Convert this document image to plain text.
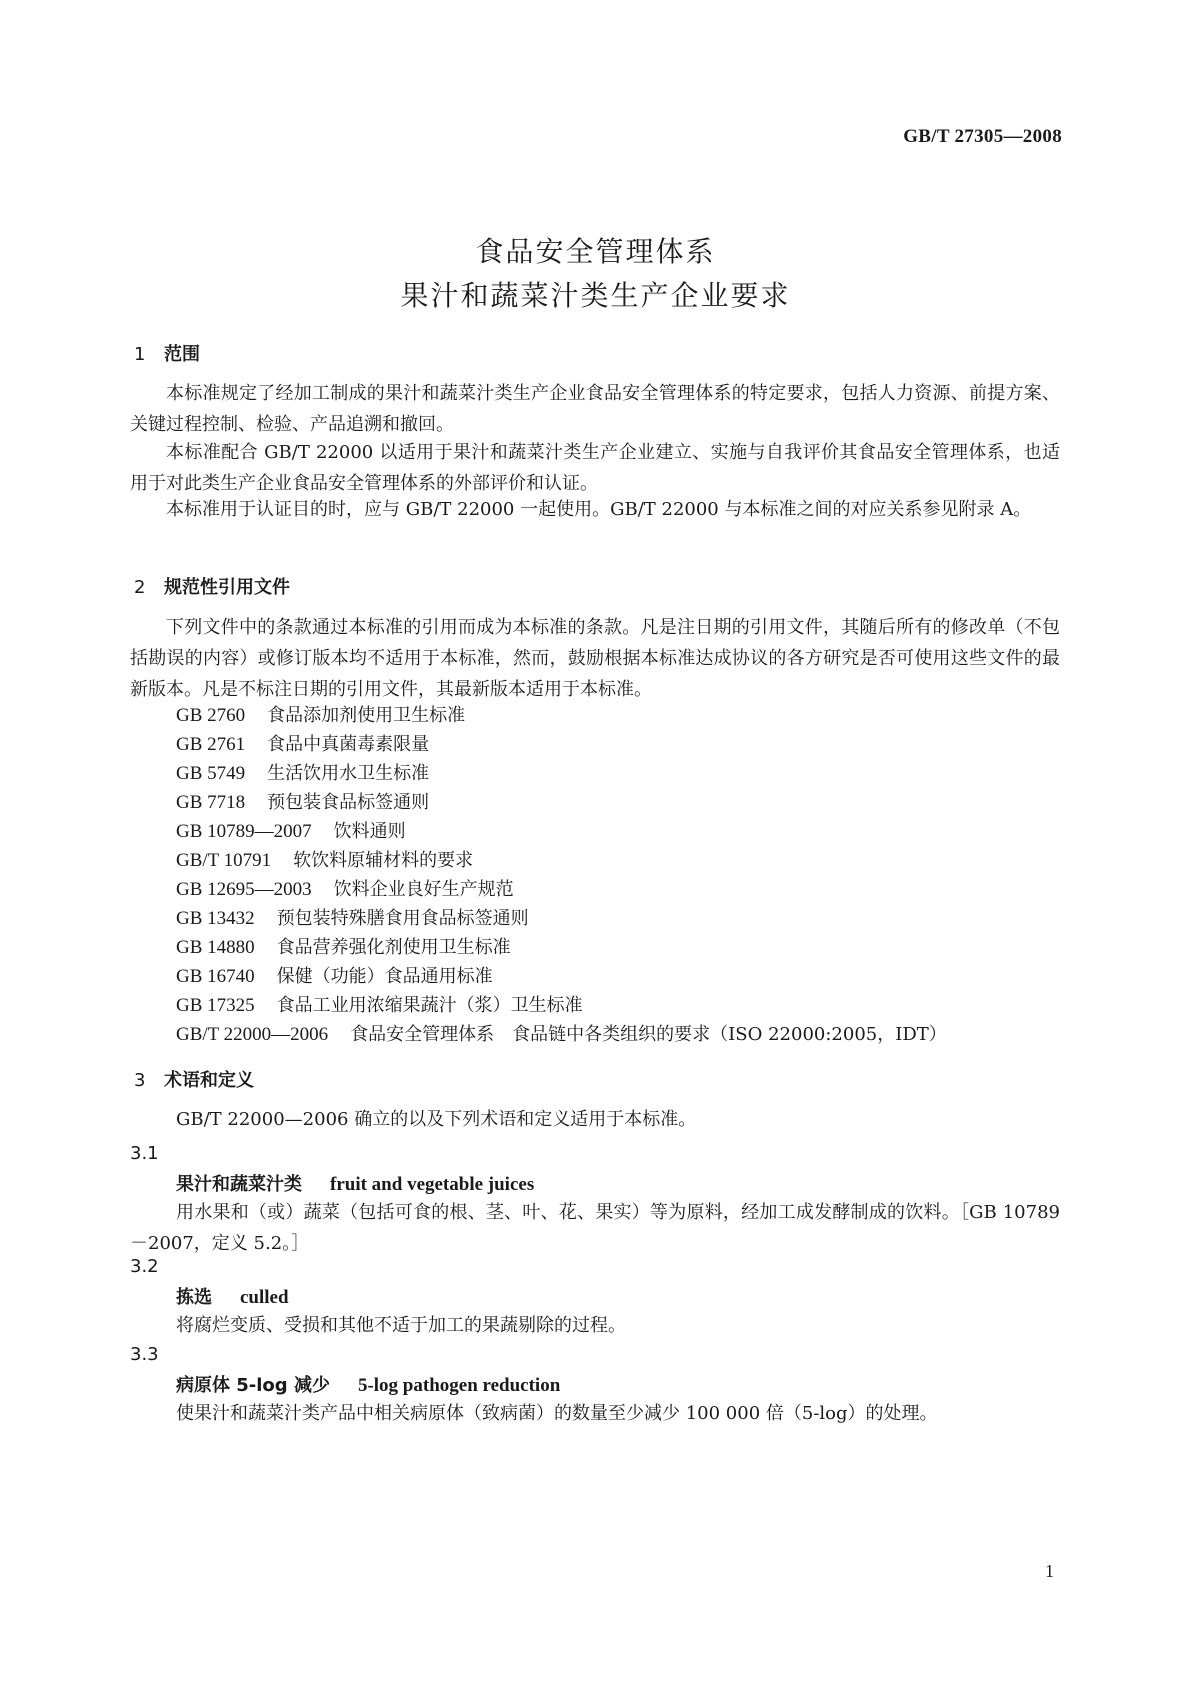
GB/T 27305—2008
食品安全管理体系
果汁和蔬菜汁类生产企业要求
1 范围
本标准规定了经加工制成的果汁和蔬菜汁类生产企业食品安全管理体系的特定要求，包括人力资源、前提方案、关键过程控制、检验、产品追溯和撤回。
本标准配合 GB/T 22000 以适用于果汁和蔬菜汁类生产企业建立、实施与自我评价其食品安全管理体系，也适用于对此类生产企业食品安全管理体系的外部评价和认证。
本标准用于认证目的时，应与 GB/T 22000 一起使用。GB/T 22000 与本标准之间的对应关系参见附录 A。
2 规范性引用文件
下列文件中的条款通过本标准的引用而成为本标准的条款。凡是注日期的引用文件，其随后所有的修改单（不包括勘误的内容）或修订版本均不适用于本标准，然而，鼓励根据本标准达成协议的各方研究是否可使用这些文件的最新版本。凡是不标注日期的引用文件，其最新版本适用于本标准。
GB 2760 食品添加剂使用卫生标准
GB 2761 食品中真菌毒素限量
GB 5749 生活饮用水卫生标准
GB 7718 预包装食品标签通则
GB 10789—2007 饮料通则
GB/T 10791 软饮料原辅材料的要求
GB 12695—2003 饮料企业良好生产规范
GB 13432 预包装特殊膳食用食品标签通则
GB 14880 食品营养强化剂使用卫生标准
GB 16740 保健（功能）食品通用标准
GB 17325 食品工业用浓缩果蔬汁（浆）卫生标准
GB/T 22000—2006 食品安全管理体系　食品链中各类组织的要求（ISO 22000:2005，IDT）
3 术语和定义
GB/T 22000—2006 确立的以及下列术语和定义适用于本标准。
3.1
果汁和蔬菜汁类 fruit and vegetable juices
用水果和（或）蔬菜（包括可食的根、茎、叶、花、果实）等为原料，经加工成发酵制成的饮料。［GB 10789－2007，定义 5.2。］
3.2
拣选 culled
将腐烂变质、受损和其他不适于加工的果蔬剔除的过程。
3.3
病原体 5-log 减少 5-log pathogen reduction
使果汁和蔬菜汁类产品中相关病原体（致病菌）的数量至少减少 100 000 倍（5-log）的处理。
1
